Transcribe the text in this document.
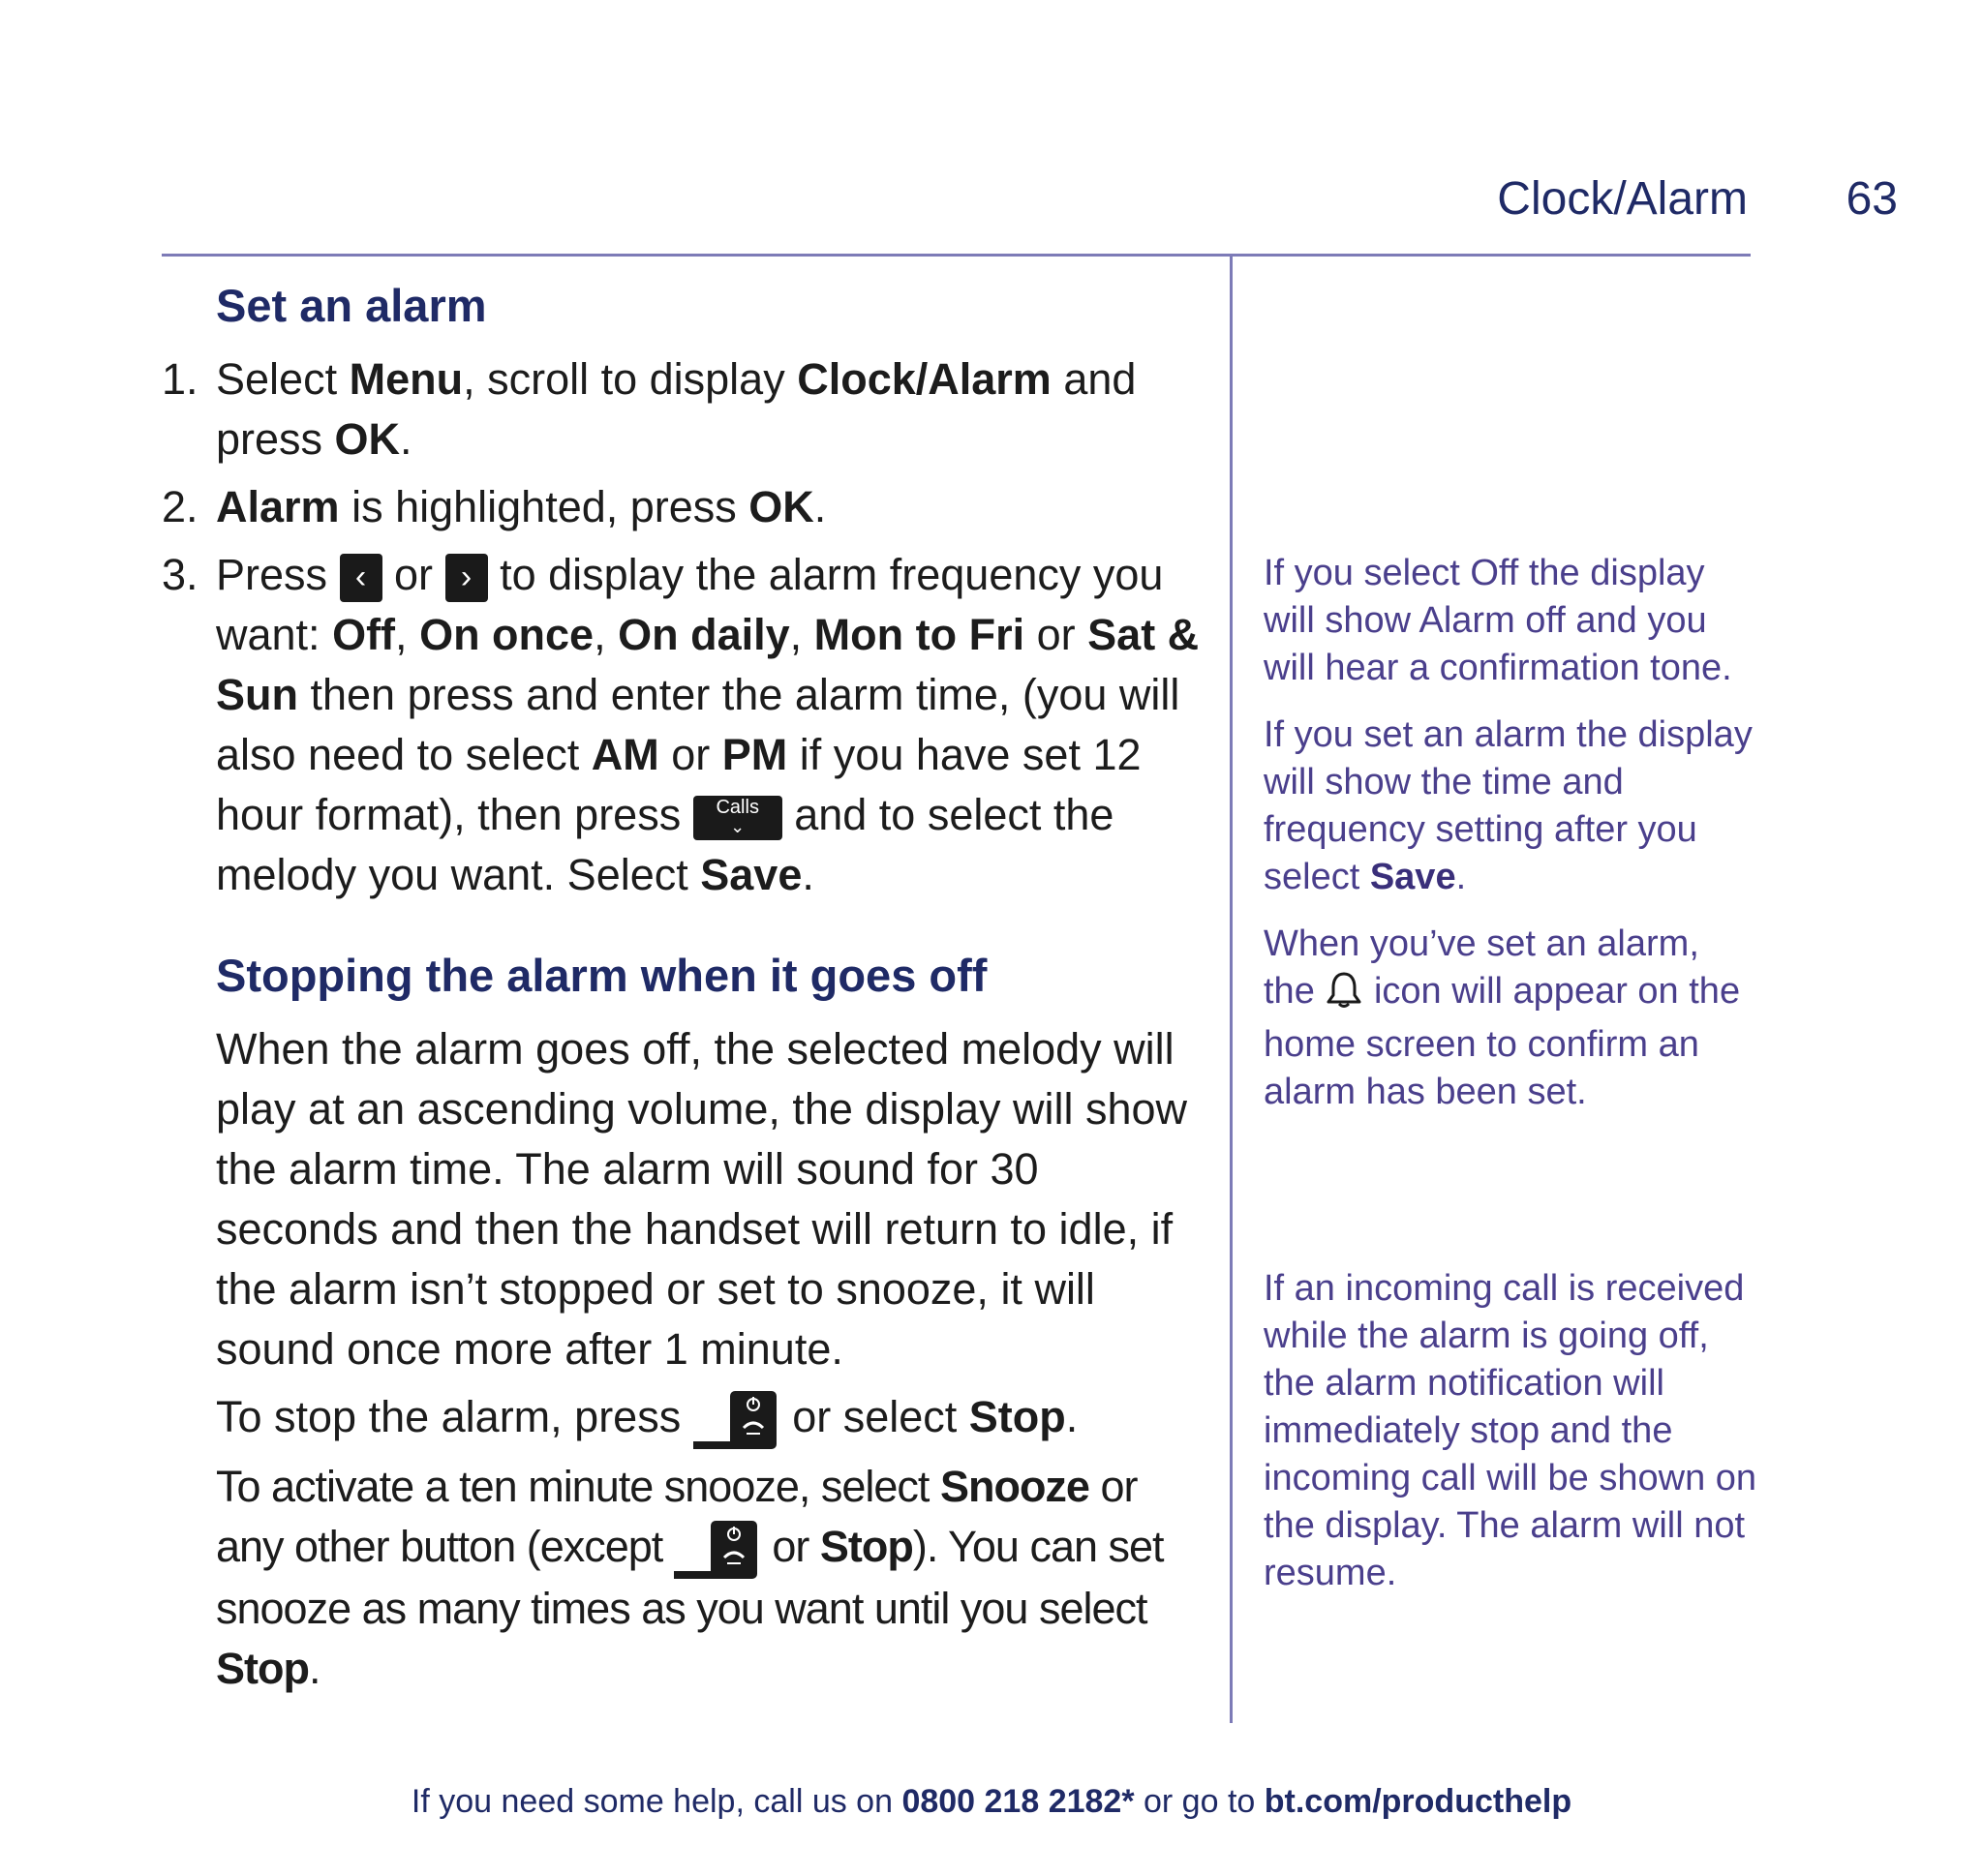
Clock/Alarm	63
Set an alarm
1. Select Menu, scroll to display Clock/Alarm and press OK.
2. Alarm is highlighted, press OK.
3. Press ‹ or › to display the alarm frequency you want: Off, On once, On daily, Mon to Fri or Sat & Sun then press and enter the alarm time, (you will also need to select AM or PM if you have set 12 hour format), then press Calls
⌄ and to select the melody you want. Select Save.
Stopping the alarm when it goes off

When the alarm goes off, the selected melody will play at an ascending volume, the display will show the alarm time. The alarm will sound for 30 seconds and then the handset will return to idle, if the alarm isn’t stopped or set to snooze, it will sound once more after 1 minute.

To stop the alarm, press
or select Stop.

To activate a ten minute snooze, select Snooze or any other button (except
or Stop). You can set snooze as many times as you want until you select Stop.

If you select Off the display will show Alarm off and you will hear a confirmation tone.

If you set an alarm the display will show the time and frequency setting after you select Save.

When you’ve set an alarm, the  icon will appear on the home screen to confirm an alarm has been set.

If an incoming call is received while the alarm is going off, the alarm notification will immediately stop and the incoming call will be shown on the display. The alarm will not resume.

If you need some help, call us on 0800 218 2182* or go to bt.com/producthelp
